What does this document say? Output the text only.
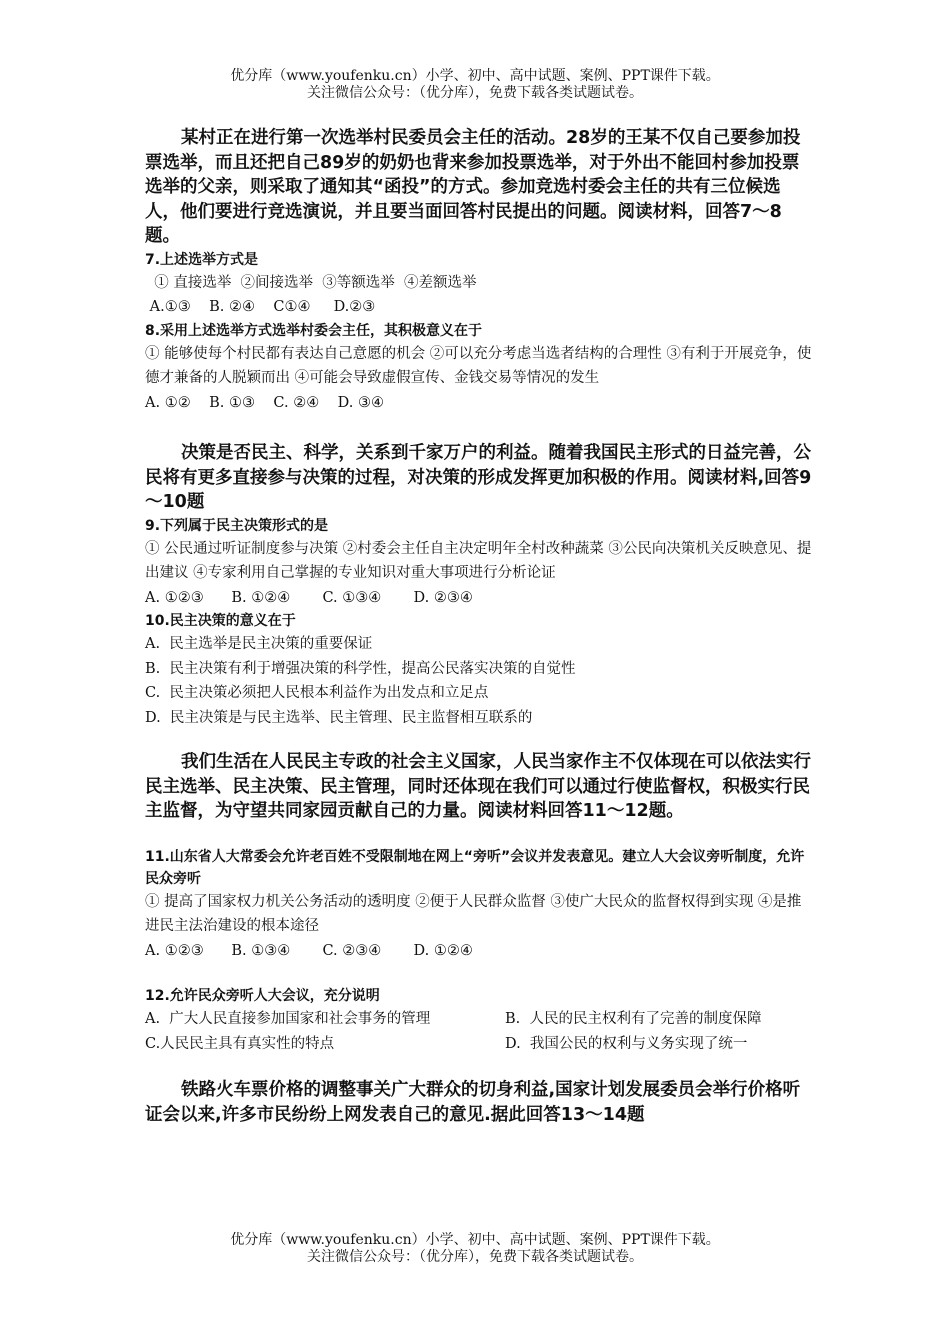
优分库（www.youfenku.cn）小学、初中、高中试题、案例、PPT课件下载。
关注微信公众号：（优分库），免费下载各类试题试卷。

某村正在进行第一次选举村民委员会主任的活动。28岁的王某不仅自己要参加投票选举，而且还把自己89岁的奶奶也背来参加投票选举，对于外出不能回村参加投票选举的父亲，则采取了通知其“函投”的方式。参加竞选村委会主任的共有三位候选人，他们要进行竞选演说，并且要当面回答村民提出的问题。阅读材料，回答7～8题。

7.上述选举方式是

① 直接选举  ②间接选举  ③等额选举  ④差额选举

A.①③    B. ②④    C①④     D.②③

8.采用上述选举方式选举村委会主任，其积极意义在于

① 能够使每个村民都有表达自己意愿的机会 ②可以充分考虑当选者结构的合理性 ③有利于开展竞争，使德才兼备的人脱颖而出 ④可能会导致虚假宣传、金钱交易等情况的发生

A. ①②    B. ①③    C. ②④    D. ③④

决策是否民主、科学，关系到千家万户的利益。随着我国民主形式的日益完善，公民将有更多直接参与决策的过程，对决策的形成发挥更加积极的作用。阅读材料,回答9～10题

9.下列属于民主决策形式的是

① 公民通过听证制度参与决策 ②村委会主任自主决定明年全村改种蔬菜 ③公民向决策机关反映意见、提出建议 ④专家利用自己掌握的专业知识对重大事项进行分析论证

A. ①②③      B. ①②④       C. ①③④       D. ②③④

10.民主决策的意义在于

A.  民主选举是民主决策的重要保证

B.  民主决策有利于增强决策的科学性，提高公民落实决策的自觉性

C.  民主决策必须把人民根本利益作为出发点和立足点

D.  民主决策是与民主选举、民主管理、民主监督相互联系的

我们生活在人民民主专政的社会主义国家，人民当家作主不仅体现在可以依法实行民主选举、民主决策、民主管理，同时还体现在我们可以通过行使监督权，积极实行民主监督，为守望共同家园贡献自己的力量。阅读材料回答11～12题。

11.山东省人大常委会允许老百姓不受限制地在网上“旁听”会议并发表意见。建立人大会议旁听制度，允许民众旁听

① 提高了国家权力机关公务活动的透明度 ②便于人民群众监督 ③使广大民众的监督权得到实现 ④是推进民主法治建设的根本途径

A. ①②③      B. ①③④       C. ②③④       D. ①②④

12.允许民众旁听人大会议，充分说明

A.  广大人民直接参加国家和社会事务的管理	B.  人民的民主权利有了完善的制度保障
C.人民民主具有真实性的特点	D.  我国公民的权利与义务实现了统一

铁路火车票价格的调整事关广大群众的切身利益,国家计划发展委员会举行价格听证会以来,许多市民纷纷上网发表自己的意见.据此回答13～14题

优分库（www.youfenku.cn）小学、初中、高中试题、案例、PPT课件下载。
关注微信公众号：（优分库），免费下载各类试题试卷。
